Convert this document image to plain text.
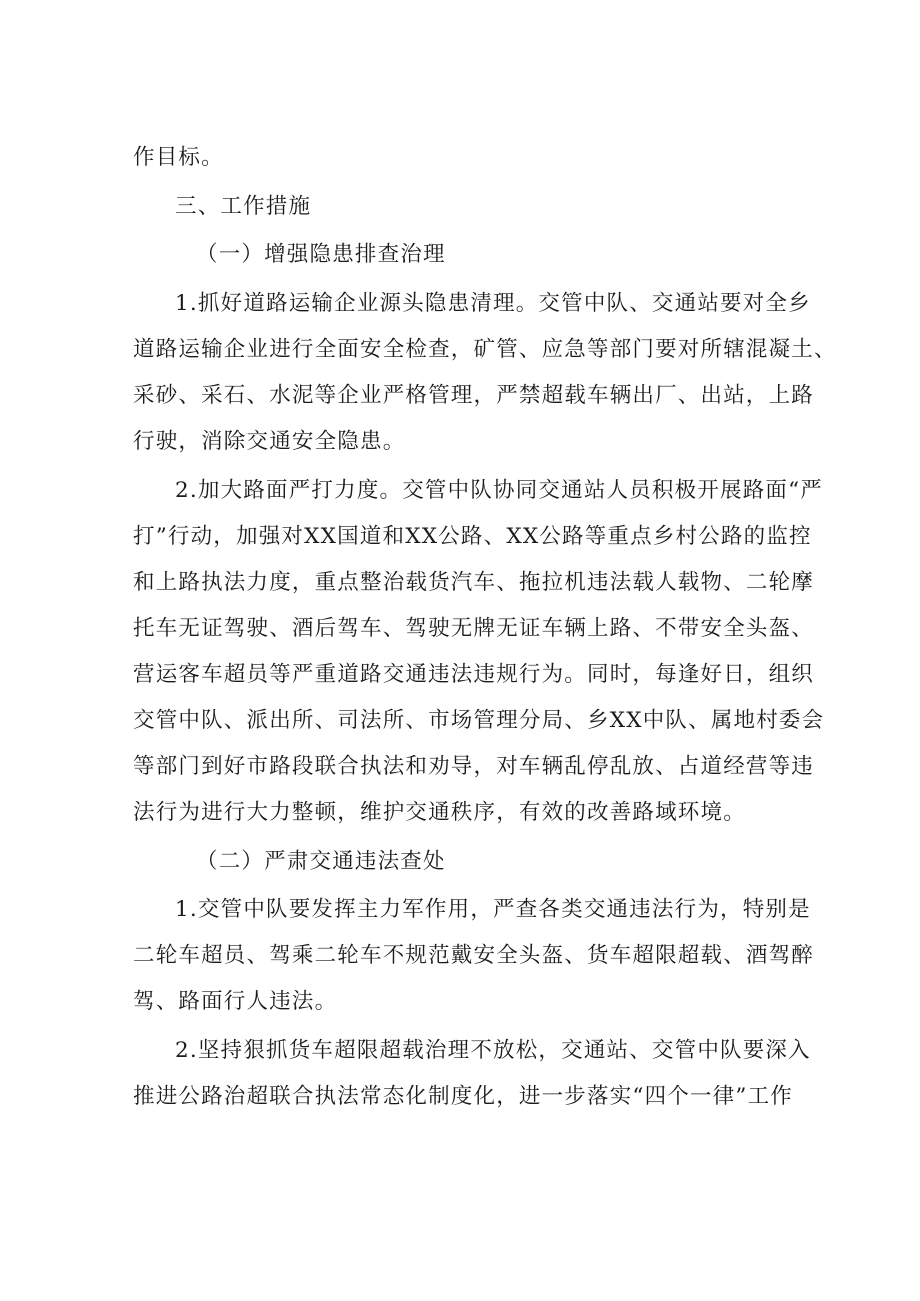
作目标。
三、工作措施
（一）增强隐患排查治理
1.抓好道路运输企业源头隐患清理。交管中队、交通站要对全乡
道路运输企业进行全面安全检查，矿管、应急等部门要对所辖混凝土、
采砂、采石、水泥等企业严格管理，严禁超载车辆出厂、出站，上路
行驶，消除交通安全隐患。
2.加大路面严打力度。交管中队协同交通站人员积极开展路面“严
打”行动，加强对XX国道和XX公路、XX公路等重点乡村公路的监控
和上路执法力度，重点整治载货汽车、拖拉机违法载人载物、二轮摩
托车无证驾驶、酒后驾车、驾驶无牌无证车辆上路、不带安全头盔、
营运客车超员等严重道路交通违法违规行为。同时，每逢好日，组织
交管中队、派出所、司法所、市场管理分局、乡XX中队、属地村委会
等部门到好市路段联合执法和劝导，对车辆乱停乱放、占道经营等违
法行为进行大力整顿，维护交通秩序，有效的改善路域环境。
（二）严肃交通违法查处
1.交管中队要发挥主力军作用，严查各类交通违法行为，特别是
二轮车超员、驾乘二轮车不规范戴安全头盔、货车超限超载、酒驾醉
驾、路面行人违法。
2.坚持狠抓货车超限超载治理不放松，交通站、交管中队要深入
推进公路治超联合执法常态化制度化，进一步落实“四个一律”工作
